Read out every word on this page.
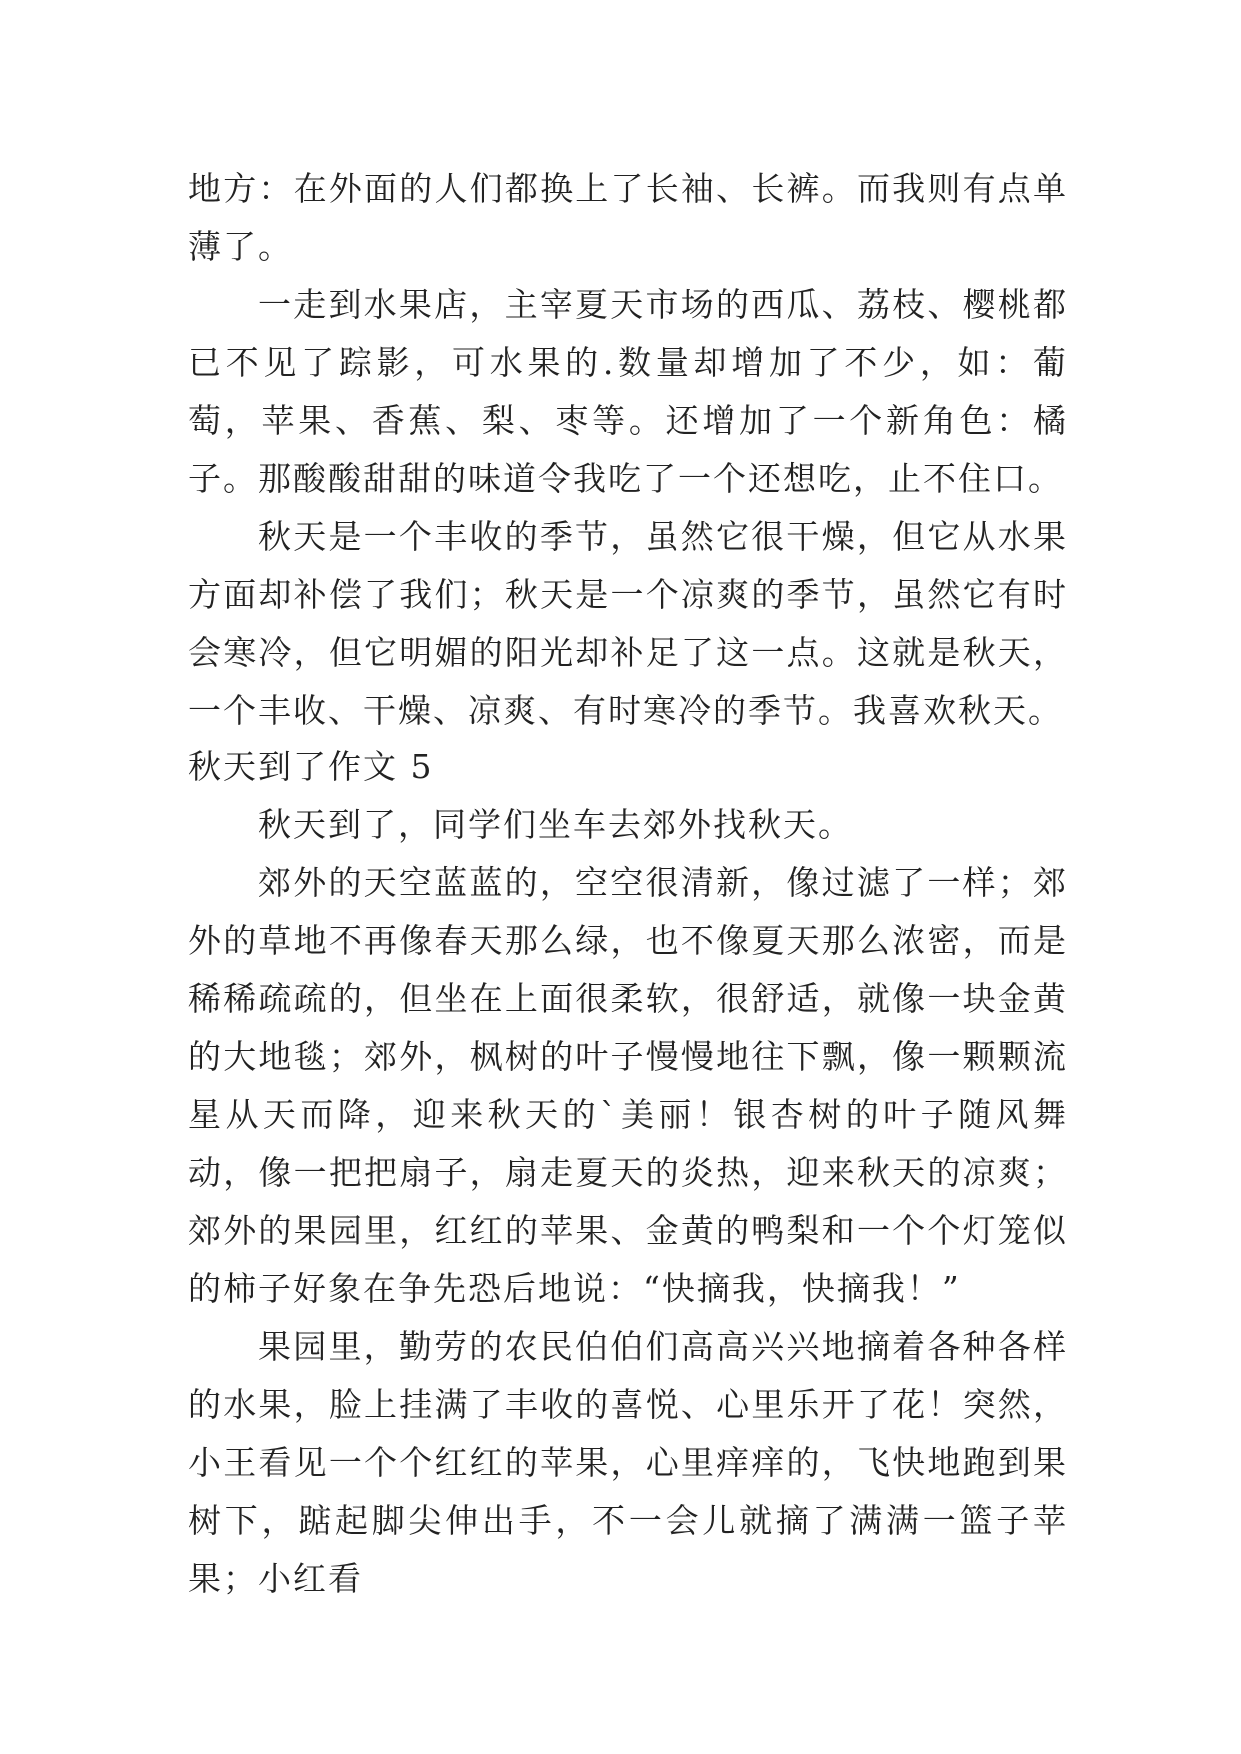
地方：在外面的人们都换上了长袖、长裤。而我则有点单薄了。

一走到水果店，主宰夏天市场的西瓜、荔枝、樱桃都已不见了踪影，可水果的.数量却增加了不少，如：葡萄，苹果、香蕉、梨、枣等。还增加了一个新角色：橘子。那酸酸甜甜的味道令我吃了一个还想吃，止不住口。

秋天是一个丰收的季节，虽然它很干燥，但它从水果方面却补偿了我们；秋天是一个凉爽的季节，虽然它有时会寒冷，但它明媚的阳光却补足了这一点。这就是秋天，一个丰收、干燥、凉爽、有时寒冷的季节。我喜欢秋天。

秋天到了作文 5

秋天到了，同学们坐车去郊外找秋天。

郊外的天空蓝蓝的，空空很清新，像过滤了一样；郊外的草地不再像春天那么绿，也不像夏天那么浓密，而是稀稀疏疏的，但坐在上面很柔软，很舒适，就像一块金黄的大地毯；郊外，枫树的叶子慢慢地往下飘，像一颗颗流星从天而降，迎来秋天的`美丽！银杏树的叶子随风舞动，像一把把扇子，扇走夏天的炎热，迎来秋天的凉爽；郊外的果园里，红红的苹果、金黄的鸭梨和一个个灯笼似的柿子好象在争先恐后地说：“快摘我，快摘我！”

果园里，勤劳的农民伯伯们高高兴兴地摘着各种各样的水果，脸上挂满了丰收的喜悦、心里乐开了花！突然，小王看见一个个红红的苹果，心里痒痒的，飞快地跑到果树下，踮起脚尖伸出手，不一会儿就摘了满满一篮子苹果；小红看
